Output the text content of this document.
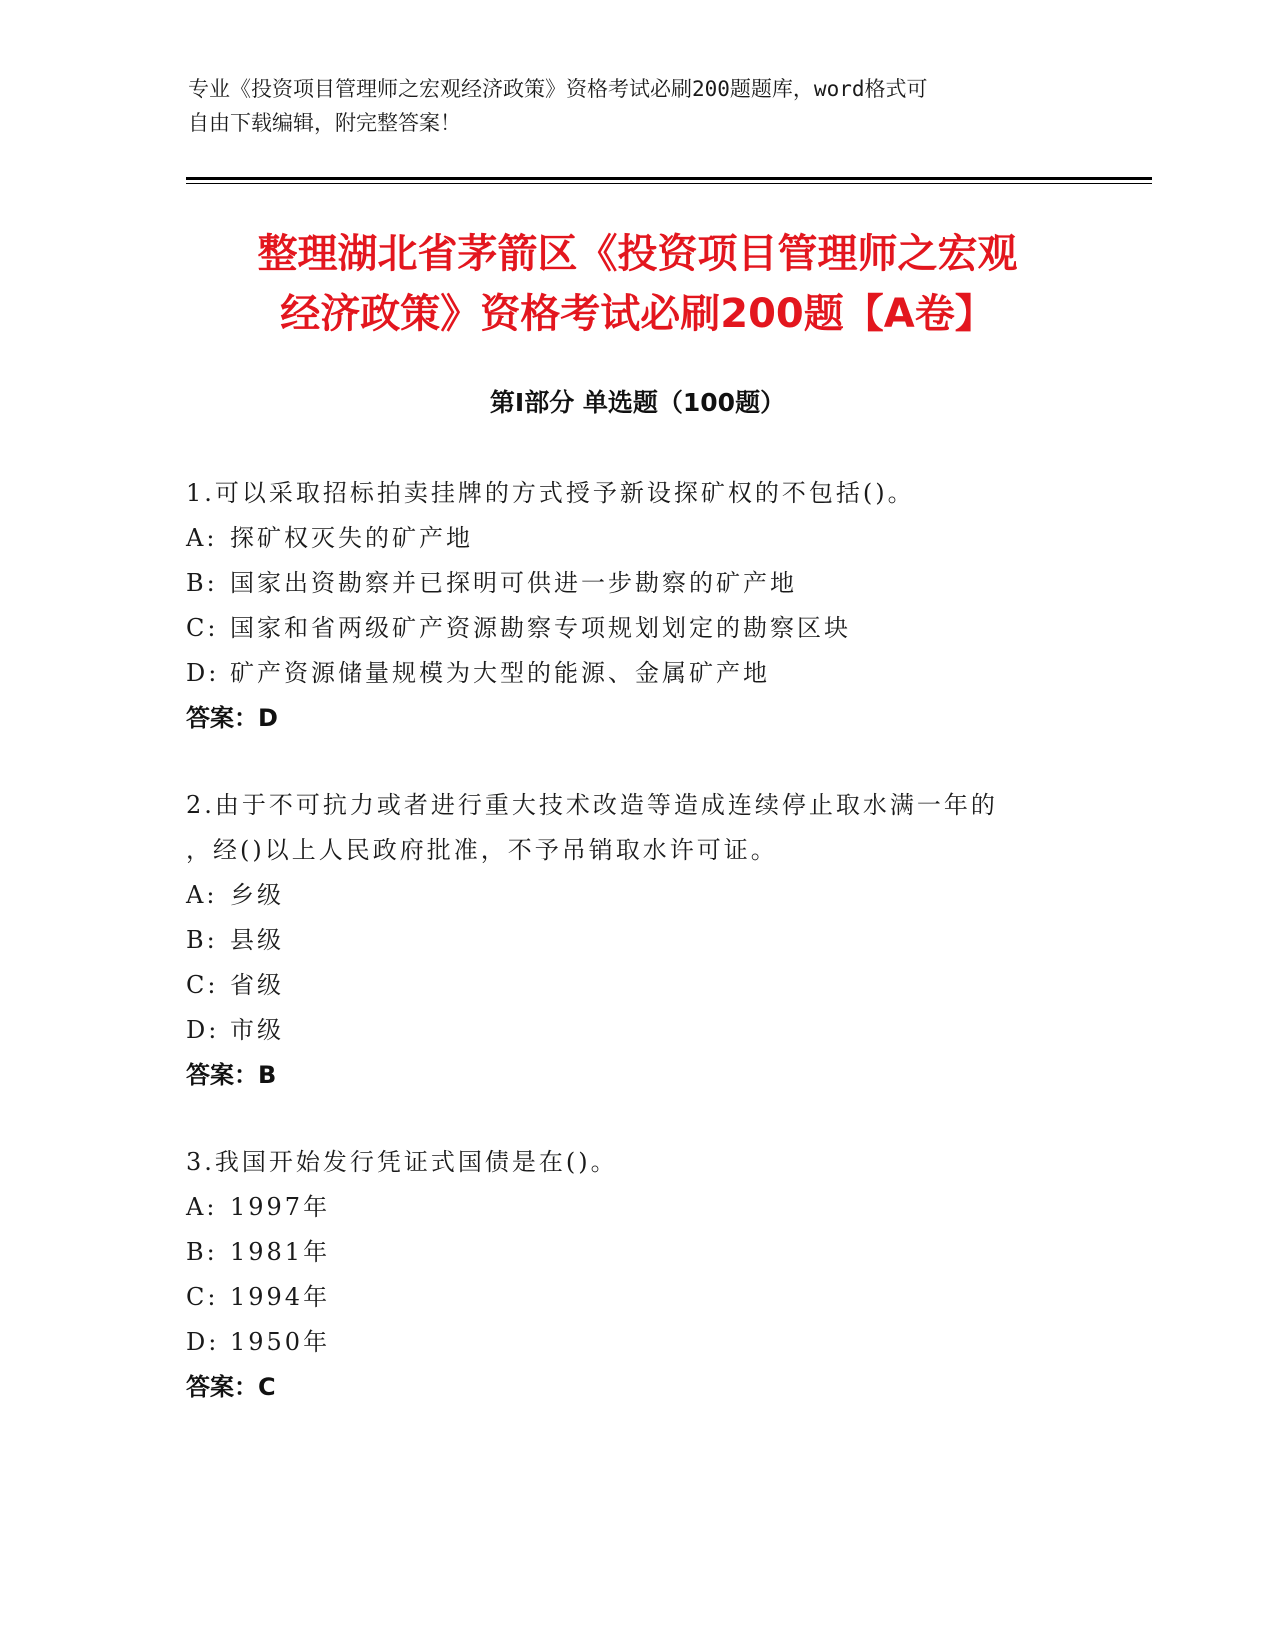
专业《投资项目管理师之宏观经济政策》资格考试必刷200题题库，word格式可
自由下载编辑，附完整答案！
整理湖北省茅箭区《投资项目管理师之宏观
经济政策》资格考试必刷200题【A卷】
第Ⅰ部分 单选题（100题）
1.可以采取招标拍卖挂牌的方式授予新设探矿权的不包括()。
A: 探矿权灭失的矿产地
B: 国家出资勘察并已探明可供进一步勘察的矿产地
C: 国家和省两级矿产资源勘察专项规划划定的勘察区块
D: 矿产资源储量规模为大型的能源、金属矿产地
答案：D
2.由于不可抗力或者进行重大技术改造等造成连续停止取水满一年的
，经()以上人民政府批准，不予吊销取水许可证。
A: 乡级
B: 县级
C: 省级
D: 市级
答案：B
3.我国开始发行凭证式国债是在()。
A: 1997年
B: 1981年
C: 1994年
D: 1950年
答案：C
